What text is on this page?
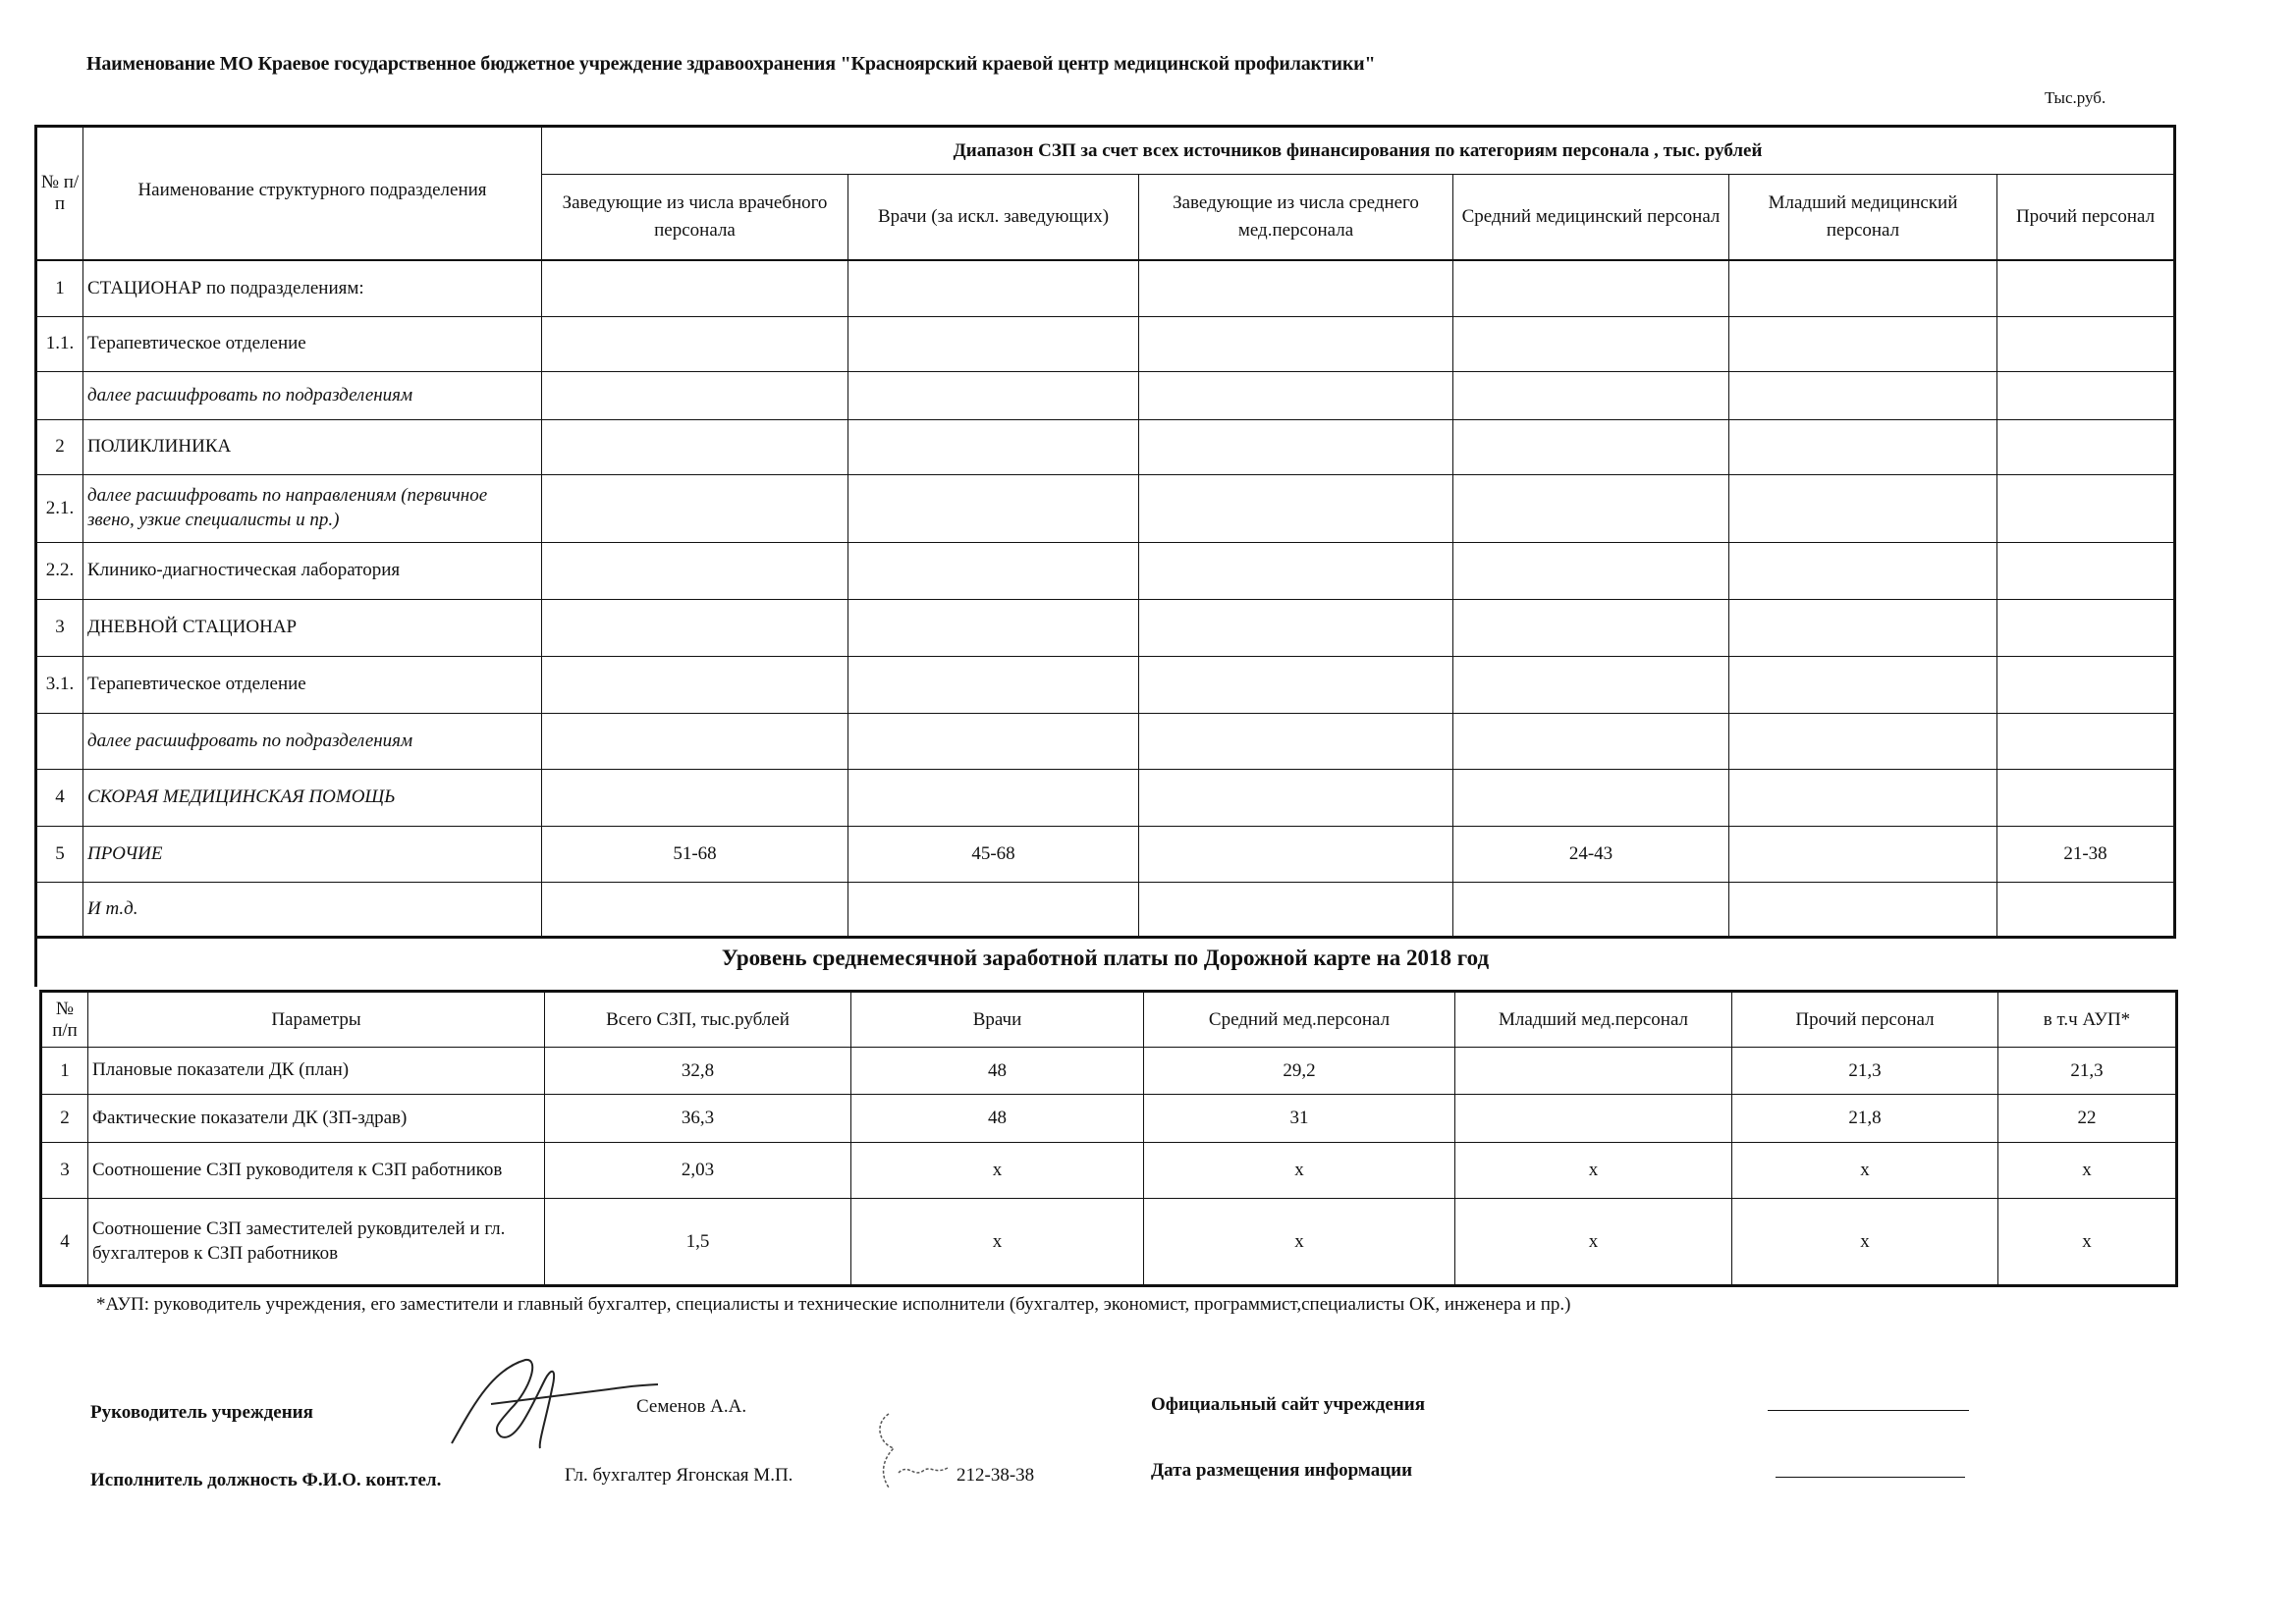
Наименование МО Краевое государственное бюджетное учреждение здравоохранения "Красноярский краевой центр медицинской профилактики"
Тыс.руб.
№ п/п	Наименование структурного подразделения	Диапазон СЗП за счет всех источников финансирования по категориям персонала , тыс. рублей					
		Заведующие из числа врачебного персонала	Врачи (за искл. заведующих)	Заведующие из числа среднего мед.персонала	Средний медицинский персонал	Младший медицинский персонал	Прочий персонал
1	СТАЦИОНАР по подразделениям:						
1.1.	Терапевтическое отделение						
	далее расшифровать по подразделениям						
2	ПОЛИКЛИНИКА						
2.1.	далее расшифровать по направлениям (первичное звено, узкие специалисты и пр.)						
2.2.	Клинико-диагностическая лаборатория						
3	ДНЕВНОЙ СТАЦИОНАР						
3.1.	Терапевтическое отделение						
	далее расшифровать по подразделениям						
4	СКОРАЯ МЕДИЦИНСКАЯ ПОМОЩЬ						
5	ПРОЧИЕ	51-68	45-68		24-43		21-38
	И т.д.						
Уровень среднемесячной заработной платы по Дорожной карте на 2018 год
№ п/п	Параметры	Всего СЗП, тыс.рублей	Врачи	Средний мед.персонал	Младший мед.персонал	Прочий персонал	в т.ч АУП*
1	Плановые показатели ДК (план)	32,8	48	29,2		21,3	21,3
2	Фактические показатели ДК (ЗП-здрав)	36,3	48	31		21,8	22
3	Соотношение СЗП руководителя к СЗП работников	2,03	х	х	х	х	х
4	Соотношение СЗП заместителей руковдителей и гл. бухгалтеров к СЗП работников	1,5	х	х	х	х	х
*АУП: руководитель учреждения, его заместители и главный бухгалтер, специалисты и технические исполнители (бухгалтер, экономист, программист,специалисты ОК, инженера и пр.)
Руководитель учреждения	Семенов А.А.
Исполнитель должность Ф.И.О. конт.тел.	Гл. бухгалтер Ягонская М.П.	212-38-38
Официальный сайт учреждения
Дата размещения информации
